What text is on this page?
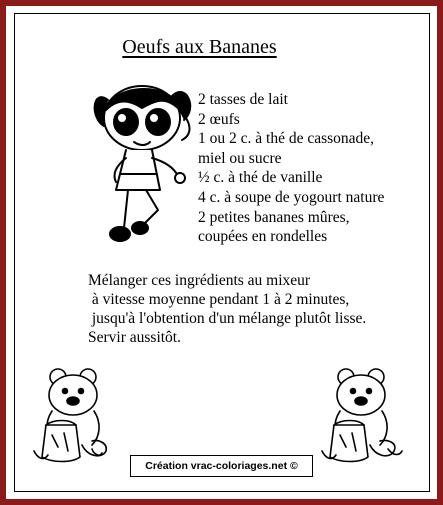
Oeufs aux Bananes
2 tasses de lait
2 œufs
1 ou 2 c. à thé de cassonade,
miel ou sucre
½ c. à thé de vanille
4 c. à soupe de yogourt nature
2 petites bananes mûres,
coupées en rondelles
Mélanger ces ingrédients au mixeur
à vitesse moyenne pendant 1 à 2 minutes,
jusqu'à l'obtention d'un mélange plutôt lisse.
Servir aussitôt.
Création vrac-coloriages.net ©
